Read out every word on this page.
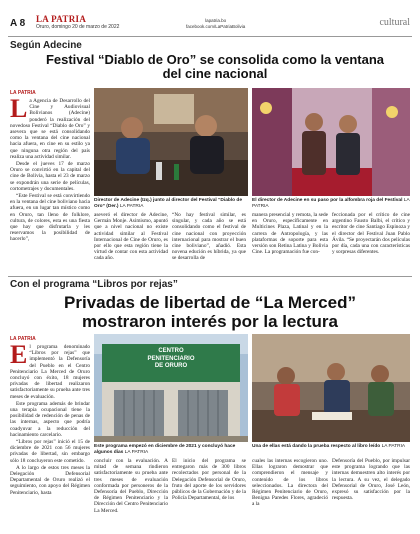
A 8 LA PATRIA
Oruro, domingo 20 de marzo de 2022
lapatria.bo
facebook.com/LaPatriaBolivia	cultural
Según Adecine
Festival “Diablo de Oro” se consolida como la ventana del cine nacional
LA PATRIA
L a Agencia de Desarrollo del Cine y Audiovisual Bolivianos (Adecine) ponderó la realización del novedoso Festival “Diablo de Oro” y asevera que se está consolidando como la ventana del cine nacional hacia afuera, en cine en su estilo ya que ninguna otra región del país realiza una actividad similar.

Desde el jueves 17 de marzo Oruro se convirtió en la capital del cine de Bolivia, hasta el 23 de marzo se expondrán una serie de películas, cortometrajes y documentales.

“Este Festival se está convirtiendo en la ventana del cine boliviano hacia afuera, en un lugar tan místico como en Oruro, tan lleno de folklore, cultura, de colores, esta es una fiesta que hay que disfrutarla y les reservamos la posibilidad de hacerlo”,

Director de Adecine (Izq.) junto al director del Festival “Diablo de Oro” (Der.) LA PATRIA
El director de Adecine en su paso por la alfombra roja del Festival LA PATRIA
aseveró el director de Adecine, Germán Monje. Asimismo, apuntó que a nivel nacional no existe actividad similar al Festival Internacional de Cine de Oruro, es por ello que esta región tiene la virtud de contar con esta actividad cada año.
“No hay festival similar, es singular, y cada año se está consolidando como el festival de cine nacional con proyección internacional para mostrar el buen cine boliviano”, añadió. Esta novena edución es híbrida, ya que se desarrolla de
manera presencial y remota, la sede en Oruro, específicamente en Multicines Plaza, Latinal y en la carrera de Antropología, y las plataformas de soporte para esta versión son Retina Latina y Bolivia Cine. La programación fue con-
feccionada por el crítico de cine argentino Fausto Balbi, el crítico y escritor de cine Santiago Espinoza y el director del Festival Juan Pablo Ávila. “Se proyectarán dos películas por día, cada una con características y sorpresas diferentes.
Con el programa “Libros por rejas”
Privadas de libertad de “La Merced” mostraron interés por la lectura
LA PATRIA
E l programa denominado “Libros por rejas” que implementó la Defensoría del Pueblo en el Centro Penitenciario La Merced de Oruro concluyó con éxito, 18 mujeres privadas de libertad realizaron satisfactoriamente su prueba ante tres meses de evaluación.

Este programa además de brindar una terapia ocupacional tiene la posibilidad de redención de penas de las internas, aspecto que podría coadyuvar a la reducción del hacinamiento carcelario.

“Libros por rejas” inició el 15 de diciembre de 2021 con 56 mujeres privadas de libertad, sin embargo sólo 18 concluyeron este cometido.

A lo largo de estos tres meses la Delegación Defensorial Departamental de Oruro realizó el seguimiento, con apoyo del Régimen Penitenciario, hasta

CENTRO
PENITENCIARIO
DE ORURO
Este programa empezó en diciembre de 2021 y concluyó hace algunos días LA PATRIA
Una de ellas está dando la prueba respecto al libro leído LA PATRIA
concluir con la evaluación. A mitad de semana rindieron satisfactoriamente su prueba ante tres meses de evaluación conformada por personeros de la Defensoría del Pueblo, Dirección de Régimen Penitenciario y la Dirección del Centro Penitenciario La Merced.
El inicio del programa se entregaron más de 300 libros recolectados por personal de la Delegación Defensorial de Oruro, fruto del aporte de los servidores públicos de la Gobernación y de la Policía Departamental, de los
cuales las internas escogieron uno. Ellas lograron demostrar que comprendieron el mensaje y contenido de los libros seleccionados. La directora del Régimen Penitenciario de Oruro, Benigna Paredes Flores, agradeció a la
Defensoría del Pueblo, por impulsar este programa logrando que las internas demuestren alto interés por la lectura. A su vez, el delegado Defensorial de Oruro, José León, expresó su satisfacción por la respuesta.
